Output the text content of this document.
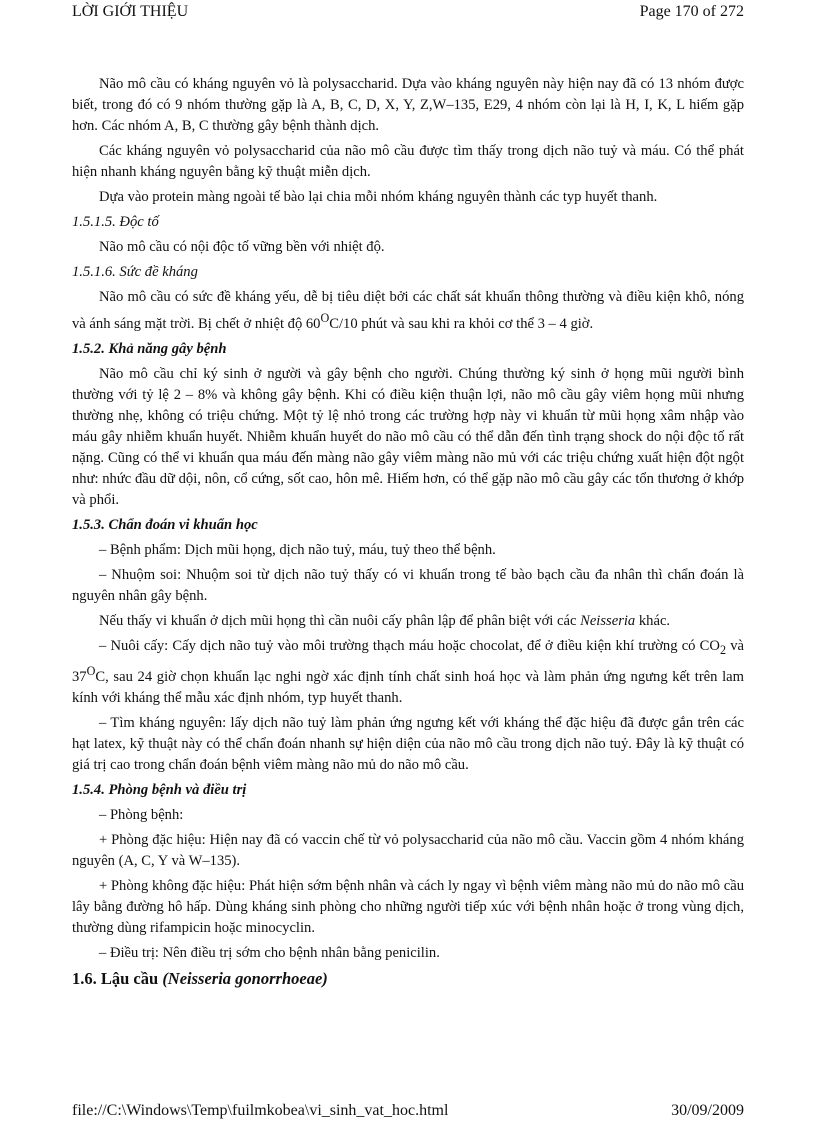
LỜI GIỚI THIỆU	Page 170 of 272

Não mô cầu có kháng nguyên vỏ là polysaccharid. Dựa vào kháng nguyên này hiện nay đã có 13 nhóm được biết, trong đó có 9 nhóm thường gặp là A, B, C, D, X, Y, Z,W–135, E29, 4 nhóm còn lại là H, I, K, L hiếm gặp hơn. Các nhóm A, B, C thường gây bệnh thành dịch.

Các kháng nguyên vỏ polysaccharid của não mô cầu được tìm thấy trong dịch não tuỷ và máu. Có thể phát hiện nhanh kháng nguyên bằng kỹ thuật miễn dịch.

Dựa vào protein màng ngoài tế bào lại chia mỗi nhóm kháng nguyên thành các typ huyết thanh.

1.5.1.5. Độc tố

Não mô cầu có nội độc tố vững bền với nhiệt độ.

1.5.1.6. Sức đề kháng

Não mô cầu có sức đề kháng yếu, dễ bị tiêu diệt bởi các chất sát khuẩn thông thường và điều kiện khô, nóng và ánh sáng mặt trời. Bị chết ở nhiệt độ $60^OC/10$ phút và sau khi ra khỏi cơ thể 3 – 4 giờ.

1.5.2. Khả năng gây bệnh

Não mô cầu chỉ ký sinh ở người và gây bệnh cho người. Chúng thường ký sinh ở họng mũi người bình thường với tỷ lệ 2 – 8% và không gây bệnh. Khi có điều kiện thuận lợi, não mô cầu gây viêm họng mũi nhưng thường nhẹ, không có triệu chứng. Một tỷ lệ nhỏ trong các trường hợp này vi khuẩn từ mũi họng xâm nhập vào máu gây nhiễm khuẩn huyết. Nhiễm khuẩn huyết do não mô cầu có thể dẫn đến tình trạng shock do nội độc tố rất nặng. Cũng có thể vi khuẩn qua máu đến màng não gây viêm màng não mủ với các triệu chứng xuất hiện đột ngột như: nhức đầu dữ dội, nôn, cổ cứng, sốt cao, hôn mê. Hiếm hơn, có thể gặp não mô cầu gây các tổn thương ở khớp và phổi.

1.5.3. Chẩn đoán vi khuẩn học

– Bệnh phẩm: Dịch mũi họng, dịch não tuỷ, máu, tuỷ theo thể bệnh.

– Nhuộm soi: Nhuộm soi từ dịch não tuỷ thấy có vi khuẩn trong tế bào bạch cầu đa nhân thì chẩn đoán là nguyên nhân gây bệnh.

Nếu thấy vi khuẩn ở dịch mũi họng thì cần nuôi cấy phân lập để phân biệt với các Neisseria khác.

– Nuôi cấy: Cấy dịch não tuỷ vào môi trường thạch máu hoặc chocolat, để ở điều kiện khí trường có $CO_2$ và $37^OC$, sau 24 giờ chọn khuẩn lạc nghi ngờ xác định tính chất sinh hoá học và làm phản ứng ngưng kết trên lam kính với kháng thể mẫu xác định nhóm, typ huyết thanh.

– Tìm kháng nguyên: lấy dịch não tuỷ làm phản ứng ngưng kết với kháng thể đặc hiệu đã được gắn trên các hạt latex, kỹ thuật này có thể chẩn đoán nhanh sự hiện diện của não mô cầu trong dịch não tuỷ. Đây là kỹ thuật có giá trị cao trong chẩn đoán bệnh viêm màng não mủ do não mô cầu.

1.5.4. Phòng bệnh và điều trị

– Phòng bệnh:

+ Phòng đặc hiệu: Hiện nay đã có vaccin chế từ vỏ polysaccharid của não mô cầu. Vaccin gồm 4 nhóm kháng nguyên (A, C, Y và W–135).

+ Phòng không đặc hiệu: Phát hiện sớm bệnh nhân và cách ly ngay vì bệnh viêm màng não mủ do não mô cầu lây bằng đường hô hấp. Dùng kháng sinh phòng cho những người tiếp xúc với bệnh nhân hoặc ở trong vùng dịch, thường dùng rifampicin hoặc minocyclin.

– Điều trị: Nên điều trị sớm cho bệnh nhân bằng penicilin.

1.6. Lậu cầu (Neisseria gonorrhoeae)

file://C:\Windows\Temp\fuilmkobea\vi_sinh_vat_hoc.html	30/09/2009
